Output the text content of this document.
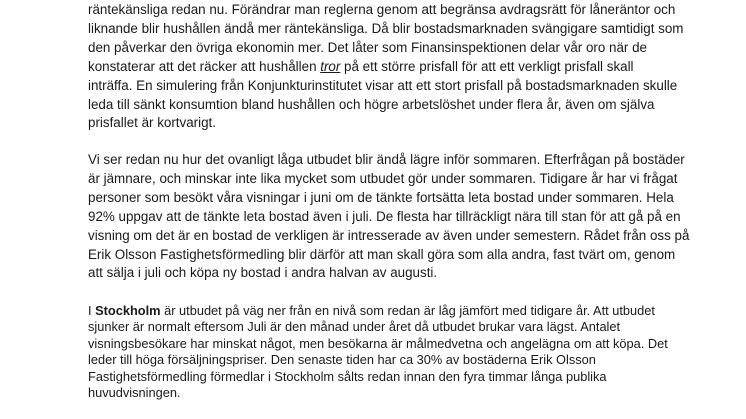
räntekänsliga redan nu. Förändrar man reglerna genom att begränsa avdragsrätt för låneräntor och
liknande blir hushållen ändå mer räntekänsliga. Då blir bostadsmarknaden svängigare samtidigt som
den påverkar den övriga ekonomin mer. Det låter som Finansinspektionen delar vår oro när de
konstaterar att det räcker att hushållen tror på ett större prisfall för att ett verkligt prisfall skall
inträffa. En simulering från Konjunkturinstitutet visar att ett stort prisfall på bostadsmarknaden skulle
leda till sänkt konsumtion bland hushållen och högre arbetslöshet under flera år, även om själva
prisfallet är kortvarigt.
Vi ser redan nu hur det ovanligt låga utbudet blir ändå lägre inför sommaren. Efterfrågan på bostäder
är jämnare, och minskar inte lika mycket som utbudet gör under sommaren. Tidigare år har vi frågat
personer som besökt våra visningar i juni om de tänkte fortsätta leta bostad under sommaren. Hela
92% uppgav att de tänkte leta bostad även i juli. De flesta har tillräckligt nära till stan för att gå på en
visning om det är en bostad de verkligen är intresserade av även under semestern. Rådet från oss på
Erik Olsson Fastighetsförmedling blir därför att man skall göra som alla andra, fast tvärt om, genom
att sälja i juli och köpa ny bostad i andra halvan av augusti.
I Stockholm är utbudet på väg ner från en nivå som redan är låg jämfört med tidigare år. Att utbudet
sjunker är normalt eftersom Juli är den månad under året då utbudet brukar vara lägst. Antalet
visningsbesökare har minskat något, men besökarna är målmedvetna och angelägna om att köpa. Det
leder till höga försäljningspriser. Den senaste tiden har ca 30% av bostäderna Erik Olsson
Fastighetsförmedling förmedlar i Stockholm sålts redan innan den fyra timmar långa publika
huvudvisningen.
